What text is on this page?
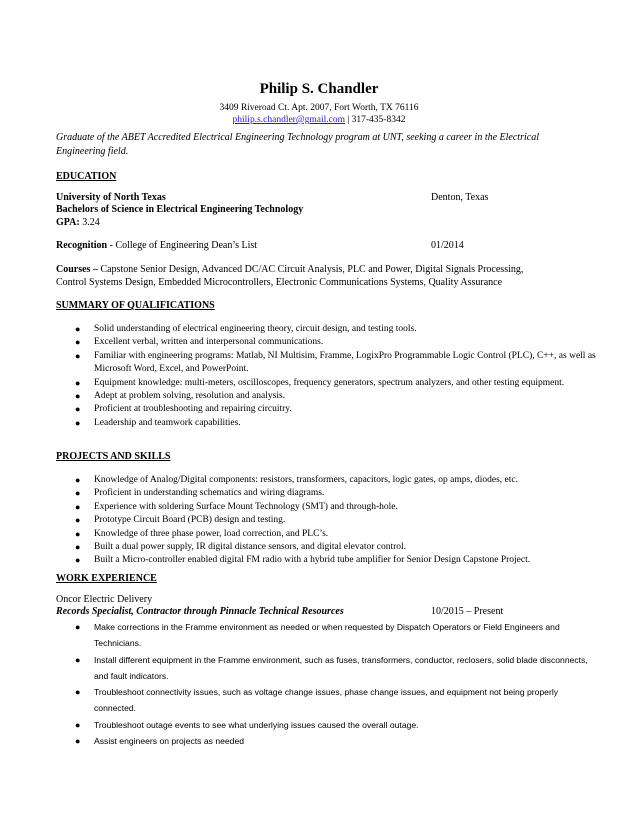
Philip S. Chandler
3409 Riveroad Ct. Apt. 2007, Fort Worth, TX 76116
philip.s.chandler@gmail.com | 317-435-8342
Graduate of the ABET Accredited Electrical Engineering Technology program at UNT, seeking a career in the Electrical Engineering field.
EDUCATION
University of North Texas	Denton, Texas
Bachelors of Science in Electrical Engineering Technology
GPA: 3.24
Recognition - College of Engineering Dean’s List	01/2014
Courses – Capstone Senior Design, Advanced DC/AC Circuit Analysis, PLC and Power, Digital Signals Processing,
Control Systems Design, Embedded Microcontrollers, Electronic Communications Systems, Quality Assurance
SUMMARY OF QUALIFICATIONS
● Solid understanding of electrical engineering theory, circuit design, and testing tools.
● Excellent verbal, written and interpersonal communications.
● Familiar with engineering programs: Matlab, NI Multisim, Framme, LogixPro Programmable Logic Control (PLC), C++, as well as Microsoft Word, Excel, and PowerPoint.
● Equipment knowledge: multi-meters, oscilloscopes, frequency generators, spectrum analyzers, and other testing equipment.
● Adept at problem solving, resolution and analysis.
● Proficient at troubleshooting and repairing circuitry.
● Leadership and teamwork capabilities.
PROJECTS AND SKILLS
● Knowledge of Analog/Digital components: resistors, transformers, capacitors, logic gates, op amps, diodes, etc.
● Proficient in understanding schematics and wiring diagrams.
● Experience with soldering Surface Mount Technology (SMT) and through-hole.
● Prototype Circuit Board (PCB) design and testing.
● Knowledge of three phase power, load correction, and PLC’s.
● Built a dual power supply, IR digital distance sensors, and digital elevator control.
● Built a Micro-controller enabled digital FM radio with a hybrid tube amplifier for Senior Design Capstone Project.
WORK EXPERIENCE
Oncor Electric Delivery
Records Specialist, Contractor through Pinnacle Technical Resources	10/2015 – Present
● Make corrections in the Framme environment as needed or when requested by Dispatch Operators or Field Engineers and Technicians.
● Install different equipment in the Framme environment, such as fuses, transformers, conductor, reclosers, solid blade disconnects, and fault indicators.
● Troubleshoot connectivity issues, such as voltage change issues, phase change issues, and equipment not being properly connected.
● Troubleshoot outage events to see what underlying issues caused the overall outage.
● Assist engineers on projects as needed
